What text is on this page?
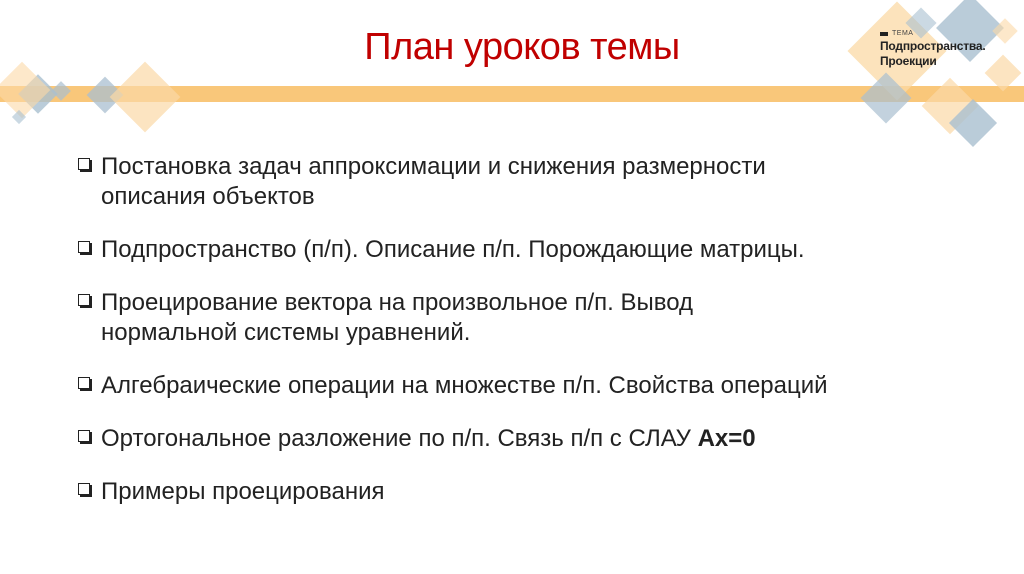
План уроков темы	ТЕМА
Подпространства.
Проекции
Постановка задач аппроксимации и снижения размерности
описания объектов
Подпространство (п/п). Описание п/п. Порождающие матрицы.
Проецирование вектора на произвольное п/п. Вывод
нормальной системы уравнений.
Алгебраические операции на множестве п/п. Свойства операций
Ортогональное разложение по п/п. Связь п/п с СЛАУ Ax=0
Примеры проецирования
